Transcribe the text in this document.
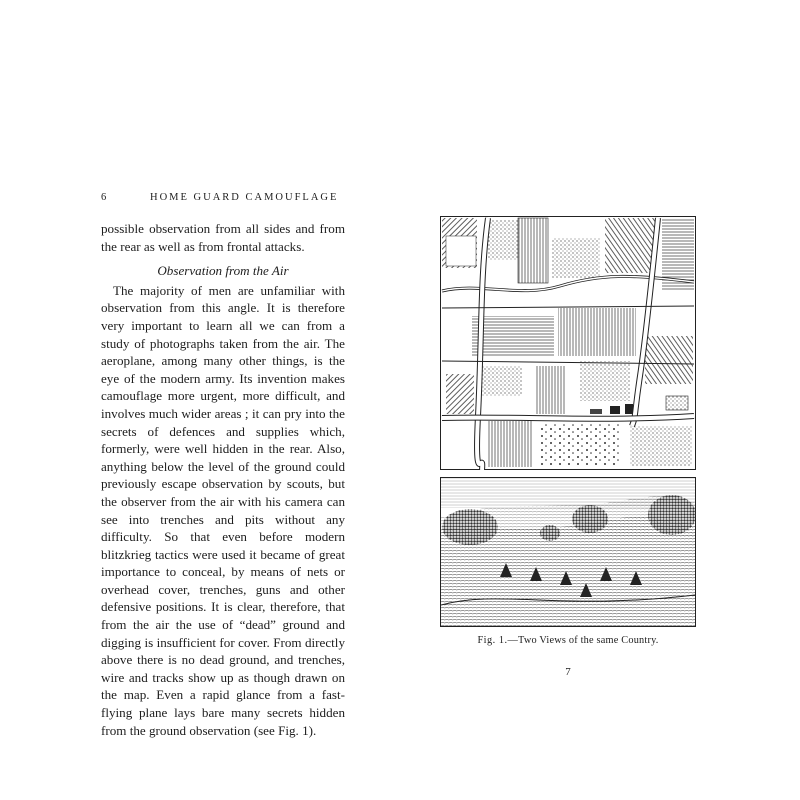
6	HOME GUARD CAMOUFLAGE

possible observation from all sides and from the rear as well as from frontal attacks.

Observation from the Air

The majority of men are unfamiliar with observation from this angle. It is therefore very important to learn all we can from a study of photographs taken from the air. The aeroplane, among many other things, is the eye of the modern army. Its invention makes camouflage more urgent, more difficult, and involves much wider areas ; it can pry into the secrets of defences and supplies which, formerly, were well hidden in the rear. Also, anything below the level of the ground could previously escape observation by scouts, but the observer from the air with his camera can see into trenches and pits without any difficulty. So that even before modern blitzkrieg tactics were used it became of great importance to conceal, by means of nets or overhead cover, trenches, guns and other defensive positions. It is clear, therefore, that from the air the use of “dead” ground and digging is insufficient for cover. From directly above there is no dead ground, and trenches, wire and tracks show up as though drawn on the map. Even a rapid glance from a fast-flying plane lays bare many secrets hidden from the ground observation (see Fig. 1).

Fig. 1.—Two Views of the same Country.
7
